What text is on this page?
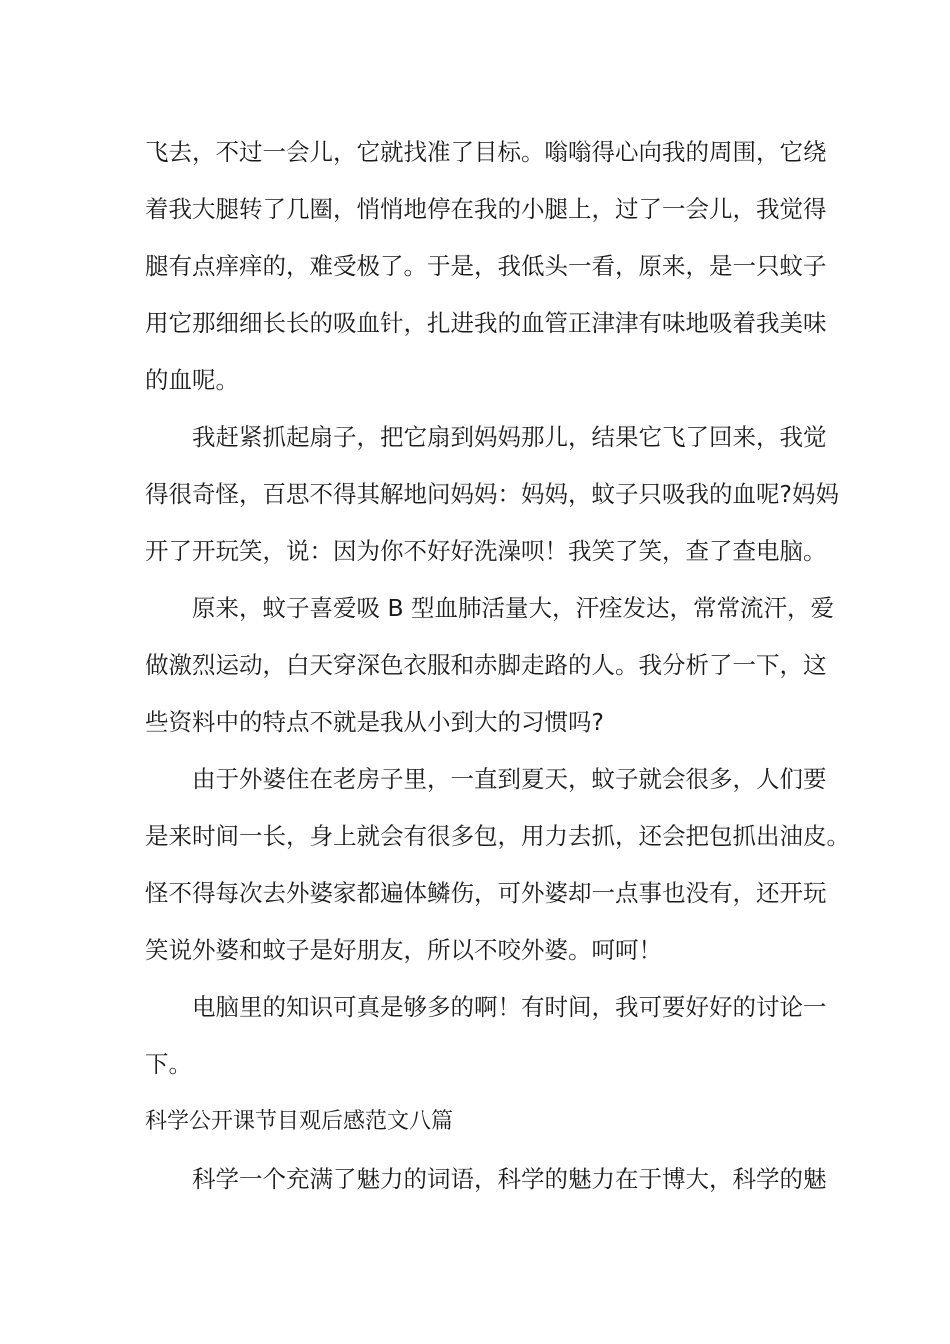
飞去，不过一会儿，它就找准了目标。嗡嗡得心向我的周围，它绕

着我大腿转了几圈，悄悄地停在我的小腿上，过了一会儿，我觉得

腿有点痒痒的，难受极了。于是，我低头一看，原来，是一只蚊子

用它那细细长长的吸血针，扎进我的血管正津津有味地吸着我美味

的血呢。

我赶紧抓起扇子，把它扇到妈妈那儿，结果它飞了回来，我觉

得很奇怪，百思不得其解地问妈妈：妈妈，蚊子只吸我的血呢?妈妈

开了开玩笑，说：因为你不好好洗澡呗！我笑了笑，查了查电脑。

原来，蚊子喜爱吸 B 型血肺活量大，汗痊发达，常常流汗，爱

做激烈运动，白天穿深色衣服和赤脚走路的人。我分析了一下，这

些资料中的特点不就是我从小到大的习惯吗?

由于外婆住在老房子里，一直到夏天，蚊子就会很多，人们要

是来时间一长，身上就会有很多包，用力去抓，还会把包抓出油皮。

怪不得每次去外婆家都遍体鳞伤，可外婆却一点事也没有，还开玩

笑说外婆和蚊子是好朋友，所以不咬外婆。呵呵！

电脑里的知识可真是够多的啊！有时间，我可要好好的讨论一

下。

科学公开课节目观后感范文八篇

科学一个充满了魅力的词语，科学的魅力在于博大，科学的魅
